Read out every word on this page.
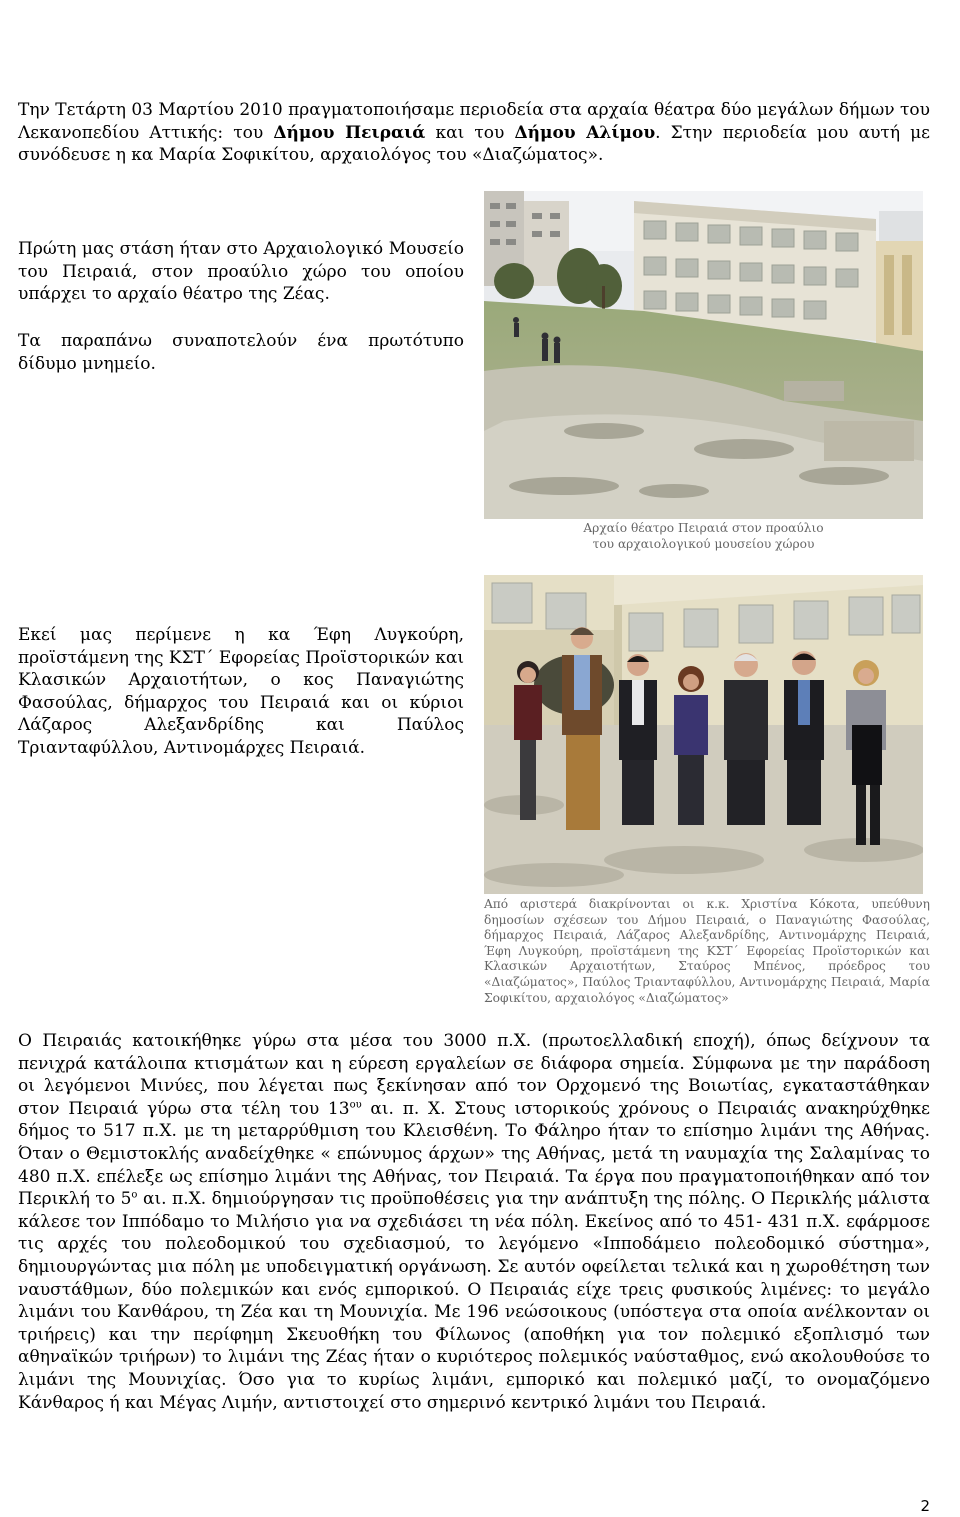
Την Τετάρτη 03 Μαρτίου 2010 πραγματοποιήσαμε περιοδεία στα αρχαία θέατρα δύο μεγάλων δήμων του Λεκανοπεδίου Αττικής: του Δήμου Πειραιά και του Δήμου Αλίμου. Στην περιοδεία μου αυτή με συνόδευσε η κα Μαρία Σοφικίτου, αρχαιολόγος του «Διαζώματος».

Πρώτη μας στάση ήταν στο Αρχαιολογικό Μουσείο του Πειραιά, στον προαύλιο χώρο του οποίου υπάρχει το αρχαίο θέατρο της Ζέας.

Τα παραπάνω συναποτελούν ένα πρωτότυπο δίδυμο μνημείο.

Αρχαίο θέατρο Πειραιά στον προαύλιο
του αρχαιολογικού μουσείου χώρου

Εκεί μας περίμενε η κα Έφη Λυγκούρη, προϊστάμενη της ΚΣΤ΄ Εφορείας Προϊστορικών και Κλασικών Αρχαιοτήτων, ο κος Παναγιώτης Φασούλας, δήμαρχος του Πειραιά και οι κύριοι Λάζαρος Αλεξανδρίδης και Παύλος Τριανταφύλλου, Αντινομάρχες Πειραιά.

Από αριστερά διακρίνονται οι κ.κ. Χριστίνα Κόκοτα, υπεύθυνη δημοσίων σχέσεων του Δήμου Πειραιά, ο Παναγιώτης Φασούλας, δήμαρχος Πειραιά, Λάζαρος Αλεξανδρίδης, Αντινομάρχης Πειραιά, Έφη Λυγκούρη, προϊστάμενη της ΚΣΤ΄ Εφορείας Προϊστορικών και Κλασικών Αρχαιοτήτων, Σταύρος Μπένος, πρόεδρος του «Διαζώματος», Παύλος Τριανταφύλλου, Αντινομάρχης Πειραιά, Μαρία Σοφικίτου, αρχαιολόγος «Διαζώματος»

Ο Πειραιάς κατοικήθηκε γύρω στα μέσα του 3000 π.Χ. (πρωτοελλαδική εποχή), όπως δείχνουν τα πενιχρά κατάλοιπα κτισμάτων και η εύρεση εργαλείων σε διάφορα σημεία. Σύμφωνα με την παράδοση οι λεγόμενοι Μινύες, που λέγεται πως ξεκίνησαν από τον Ορχομενό της Βοιωτίας, εγκαταστάθηκαν στον Πειραιά γύρω στα τέλη του $13^{o\upsilon}$ αι. π. Χ. Στους ιστορικούς χρόνους ο Πειραιάς ανακηρύχθηκε δήμος το 517 π.Χ. με τη μεταρρύθμιση του Κλεισθένη. Το Φάληρο ήταν το επίσημο λιμάνι της Αθήνας. Όταν ο Θεμιστοκλής αναδείχθηκε « επώνυμος άρχων» της Αθήνας, μετά τη ναυμαχία της Σαλαμίνας το 480 π.Χ. επέλεξε ως επίσημο λιμάνι της Αθήνας, τον Πειραιά. Τα έργα που πραγματοποιήθηκαν από τον Περικλή το $5^o$ αι. π.Χ. δημιούργησαν τις προϋποθέσεις για την ανάπτυξη της πόλης. Ο Περικλής μάλιστα κάλεσε τον Ιππόδαμο το Μιλήσιο για να σχεδιάσει τη νέα πόλη. Εκείνος από το 451- 431 π.Χ. εφάρμοσε τις αρχές του πολεοδομικού του σχεδιασμού, το λεγόμενο «Ιπποδάμειο πολεοδομικό σύστημα», δημιουργώντας μια πόλη με υποδειγματική οργάνωση. Σε αυτόν οφείλεται τελικά και η χωροθέτηση των ναυστάθμων, δύο πολεμικών και ενός εμπορικού. Ο Πειραιάς είχε τρεις φυσικούς λιμένες: το μεγάλο λιμάνι του Κανθάρου, τη Ζέα και τη Μουνιχία. Με 196 νεώσοικους (υπόστεγα στα οποία ανέλκονταν οι τριήρεις) και την περίφημη Σκευοθήκη του Φίλωνος (αποθήκη για τον πολεμικό εξοπλισμό των αθηναϊκών τριήρων) το λιμάνι της Ζέας ήταν ο κυριότερος πολεμικός ναύσταθμος, ενώ ακολουθούσε το λιμάνι της Μουνιχίας. Όσο για το κυρίως λιμάνι, εμπορικό και πολεμικό μαζί, το ονομαζόμενο Κάνθαρος ή και Μέγας Λιμήν, αντιστοιχεί στο σημερινό κεντρικό λιμάνι του Πειραιά.

2
